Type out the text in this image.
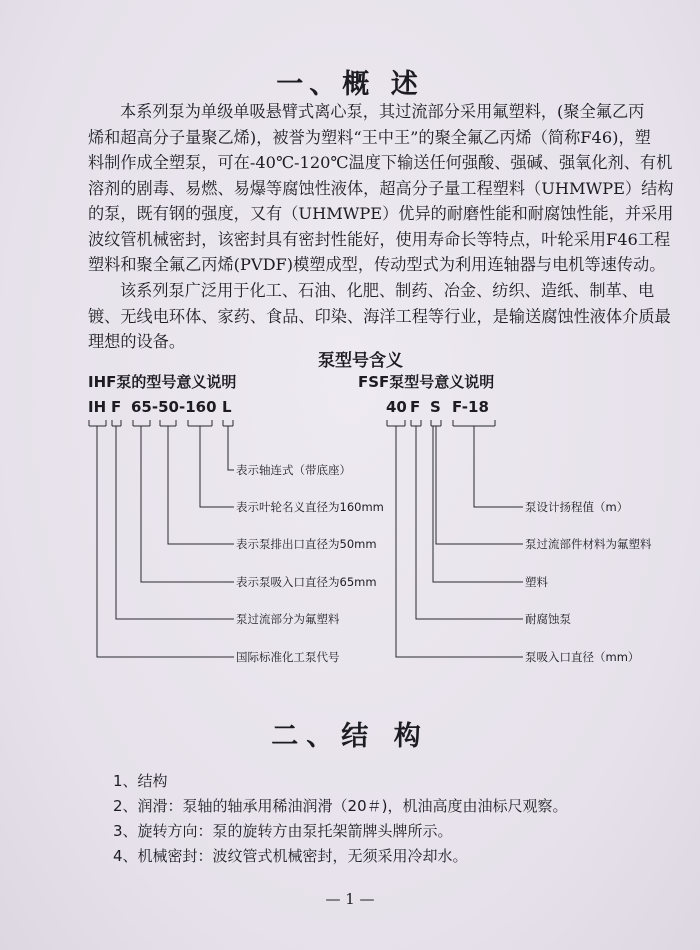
一、概 述
本系列泵为单级单吸悬臂式离心泵，其过流部分采用氟塑料，(聚全氟乙丙
烯和超高分子量聚乙烯)，被誉为塑料“王中王”的聚全氟乙丙烯（简称F46)，塑
料制作成全塑泵，可在-40℃-120℃温度下输送任何强酸、强碱、强氧化剂、有机
溶剂的剧毒、易燃、易爆等腐蚀性液体，超高分子量工程塑料（UHMWPE）结构
的泵，既有钢的强度，又有（UHMWPE）优异的耐磨性能和耐腐蚀性能，并采用
波纹管机械密封，该密封具有密封性能好，使用寿命长等特点，叶轮采用F46工程
塑料和聚全氟乙丙烯(PVDF)模塑成型，传动型式为利用连轴器与电机等速传动。
该系列泵广泛用于化工、石油、化肥、制药、冶金、纺织、造纸、制革、电
镀、无线电环体、家药、食品、印染、海洋工程等行业，是输送腐蚀性液体介质最
理想的设备。
泵型号含义
IHF泵的型号意义说明
IH F 65-50-160 L
表示轴连式（带底座）
表示叶轮名义直径为160mm
表示泵排出口直径为50mm
表示泵吸入口直径为65mm
泵过流部分为氟塑料
国际标准化工泵代号
FSF泵型号意义说明
40 F S F-18
泵设计扬程值（m）
泵过流部件材料为氟塑料
塑料
耐腐蚀泵
泵吸入口直径（mm）
二、结 构
1、结构
2、润滑：泵轴的轴承用稀油润滑（20＃)，机油高度由油标尺观察。
3、旋转方向：泵的旋转方由泵托架箭牌头牌所示。
4、机械密封：波纹管式机械密封，无须采用冷却水。
— 1 —
